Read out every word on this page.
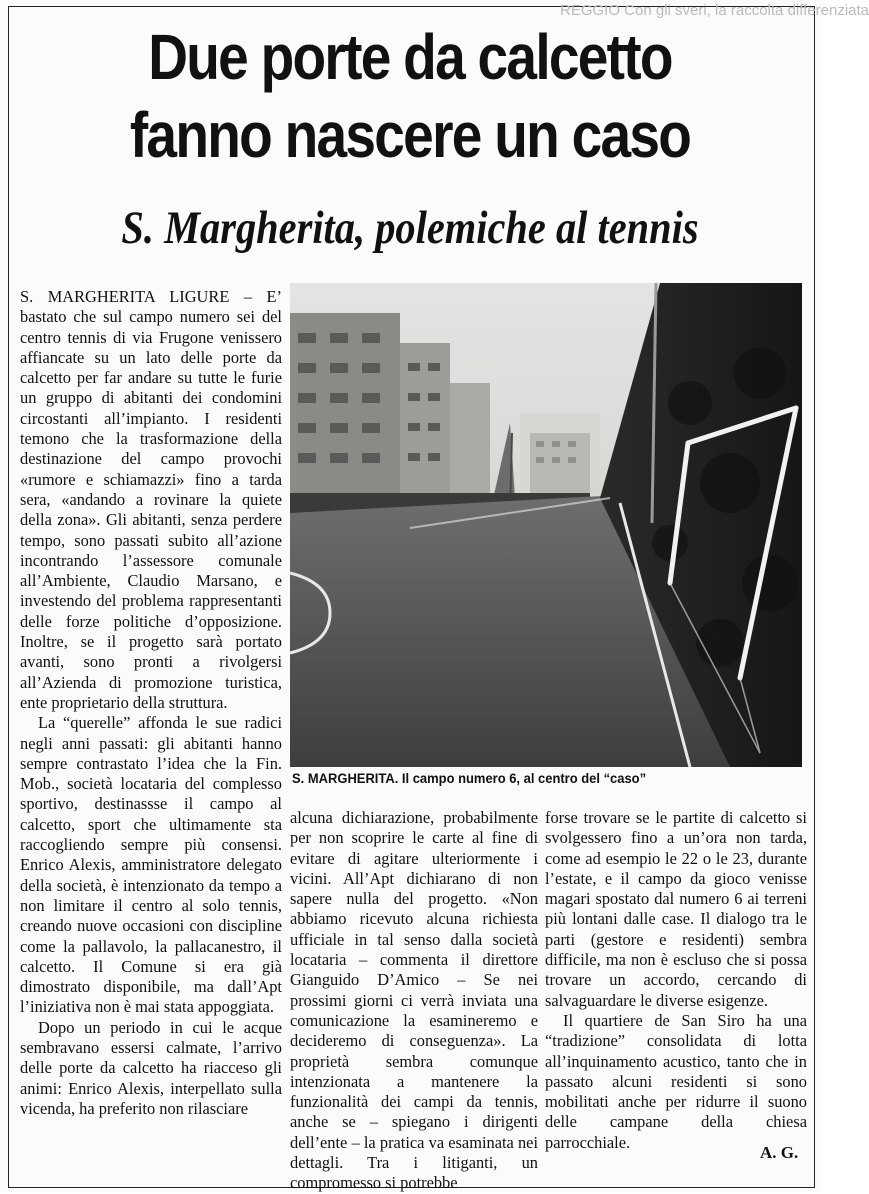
REGGIO Con gli sveri, la raccolta differenziata
Due porte da calcetto
fanno nascere un caso
S. Margherita, polemiche al tennis

S. MARGHERITA LIGURE – E’ bastato che sul campo numero sei del centro tennis di via Frugone venissero affiancate su un lato delle porte da calcetto per far andare su tutte le furie un gruppo di abitanti dei condomini circostanti all’impianto. I residenti temono che la trasformazione della destinazione del campo provochi «rumore e schiamazzi» fino a tarda sera, «andando a rovinare la quiete della zona». Gli abitanti, senza perdere tempo, sono passati subito all’azione incontrando l’assessore comunale all’Ambiente, Claudio Marsano, e investendo del problema rappresentanti delle forze politiche d’opposizione. Inoltre, se il progetto sarà portato avanti, sono pronti a rivolgersi all’Azienda di promozione turistica, ente proprietario della struttura.

La “querelle” affonda le sue radici negli anni passati: gli abitanti hanno sempre contrastato l’idea che la Fin. Mob., società locataria del complesso sportivo, destinassse il campo al calcetto, sport che ultimamente sta raccogliendo sempre più consensi. Enrico Alexis, amministratore delegato della società, è intenzionato da tempo a non limitare il centro al solo tennis, creando nuove occasioni con discipline come la pallavolo, la pallacanestro, il calcetto. Il Comune si era già dimostrato disponibile, ma dall’Apt l’iniziativa non è mai stata appoggiata.

Dopo un periodo in cui le acque sembravano essersi calmate, l’arrivo delle porte da calcetto ha riacceso gli animi: Enrico Alexis, interpellato sulla vicenda, ha preferito non rilasciare

S. MARGHERITA. Il campo numero 6, al centro del “caso”

alcuna dichiarazione, probabilmente per non scoprire le carte al fine di evitare di agitare ulteriormente i vicini. All’Apt dichiarano di non sapere nulla del progetto. «Non abbiamo ricevuto alcuna richiesta ufficiale in tal senso dalla società locataria – commenta il direttore Gianguido D’Amico – Se nei prossimi giorni ci verrà inviata una comunicazione la esamineremo e decideremo di conseguenza». La proprietà sembra comunque intenzionata a mantenere la funzionalità dei campi da tennis, anche se – spiegano i dirigenti dell’ente – la pratica va esaminata nei dettagli. Tra i litiganti, un compromesso si potrebbe

forse trovare se le partite di calcetto si svolgessero fino a un’ora non tarda, come ad esempio le 22 o le 23, durante l’estate, e il campo da gioco venisse magari spostato dal numero 6 ai terreni più lontani dalle case. Il dialogo tra le parti (gestore e residenti) sembra difficile, ma non è escluso che si possa trovare un accordo, cercando di salvaguardare le diverse esigenze.

Il quartiere de San Siro ha una “tradizione” consolidata di lotta all’inquinamento acustico, tanto che in passato alcuni residenti si sono mobilitati anche per ridurre il suono delle campane della chiesa parrocchiale.

A. G.
